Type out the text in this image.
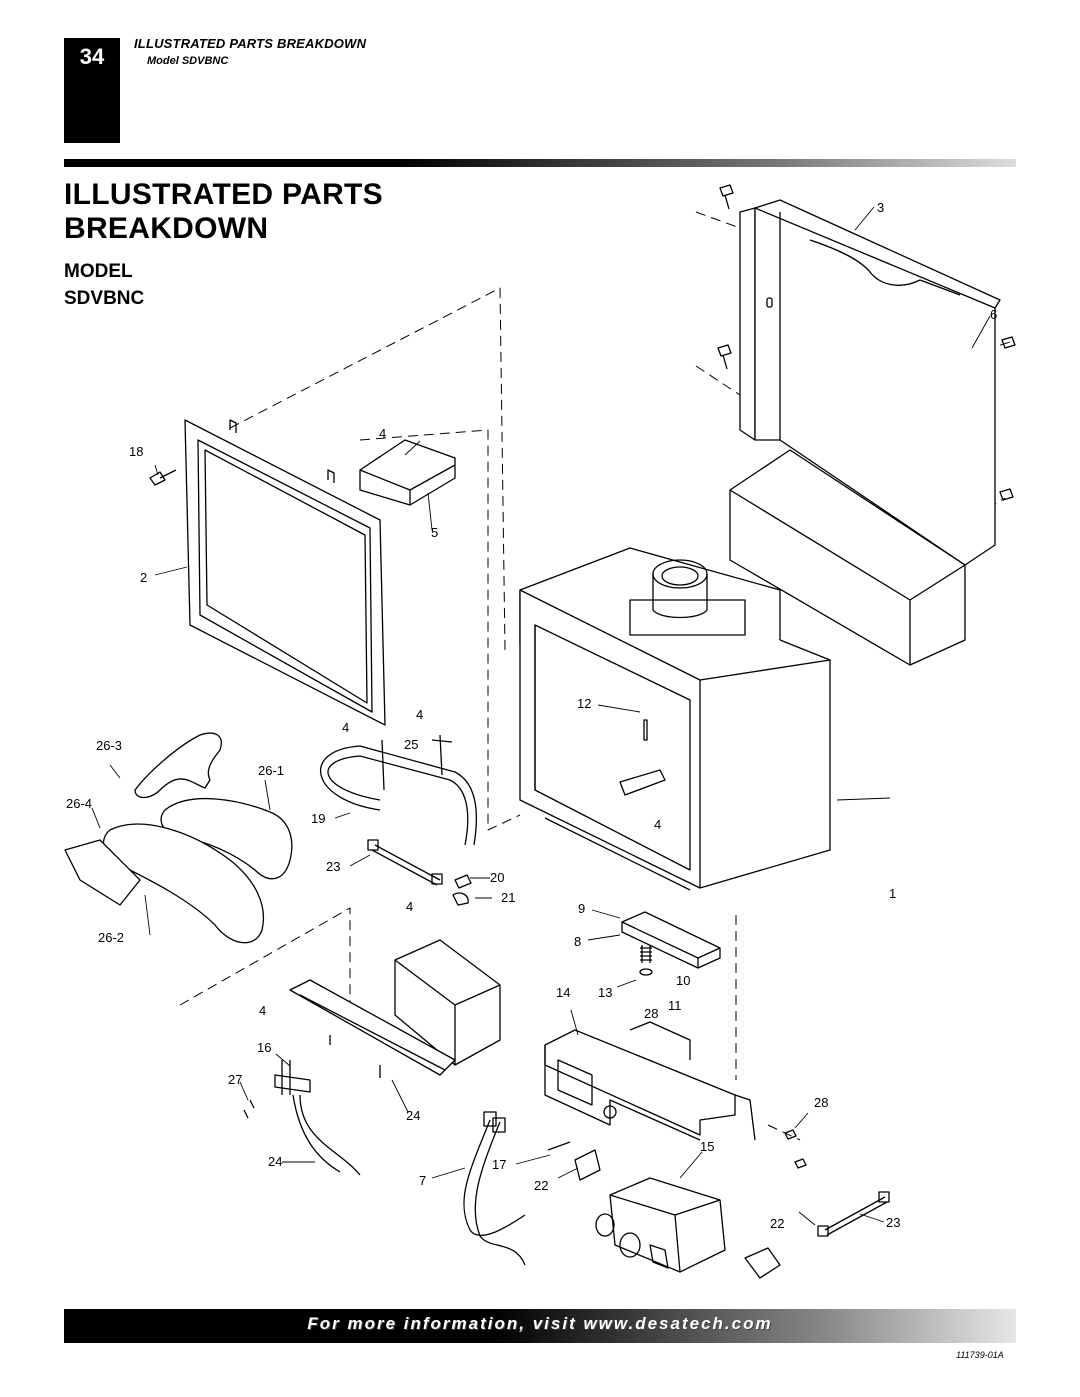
34
ILLUSTRATED PARTS BREAKDOWN
Model SDVBNC
ILLUSTRATED PARTS
BREAKDOWN
MODEL
SDVBNC
1
2
3
4
4
4
4
4
4
5
6
7
8
9
10
11
12
13
14
15
16
17
18
19
20
21
22
22
23
23
24
24
25
26-1
26-2
26-3
26-4
27
28
28
For more information, visit www.desatech.com
111739-01A
